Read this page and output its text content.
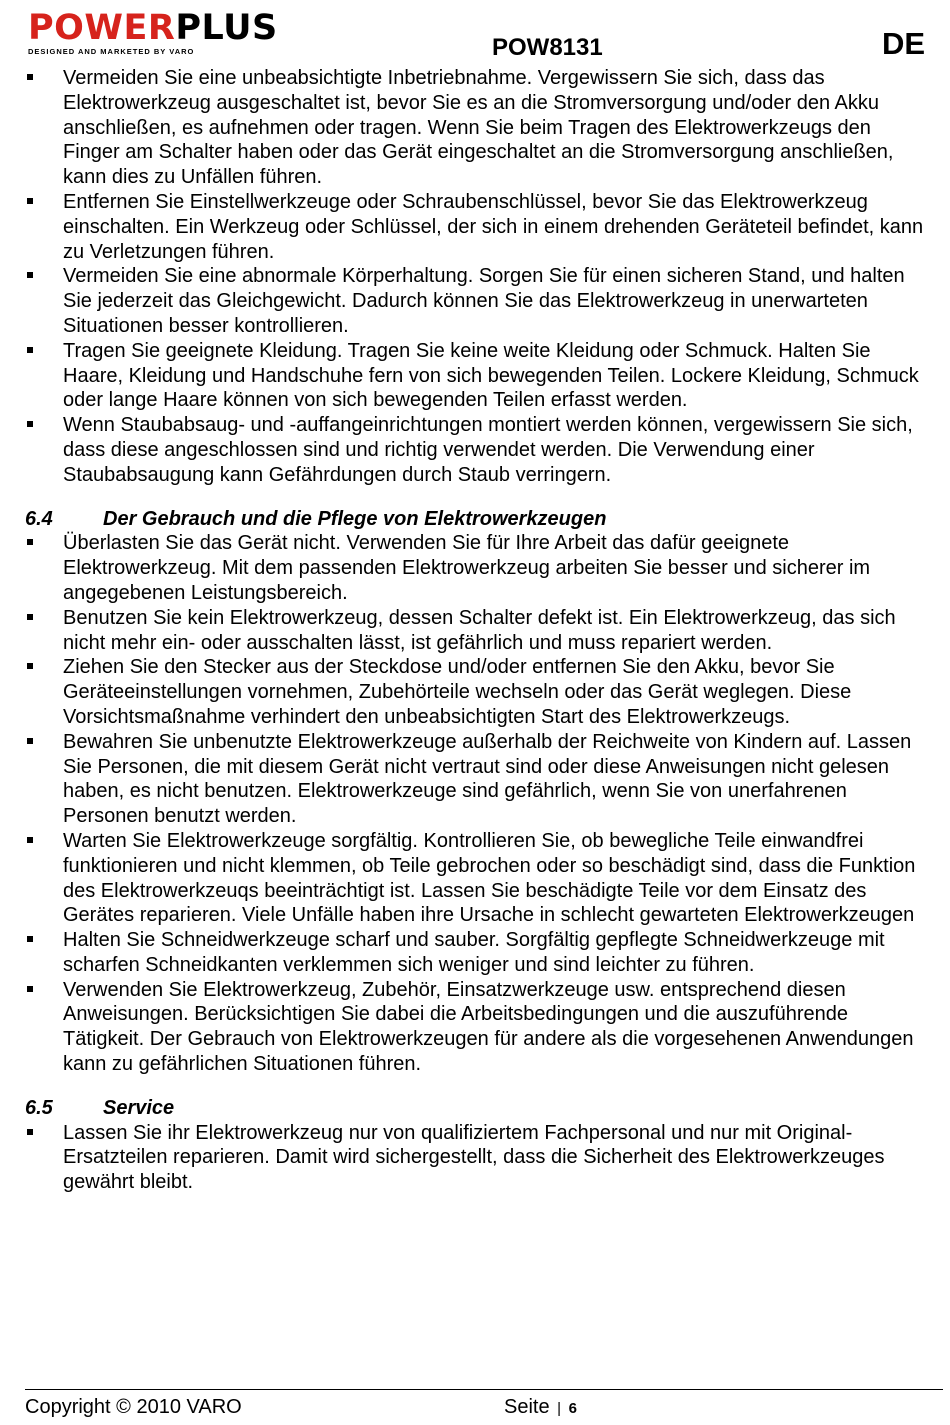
POWERPLUS
DESIGNED AND MARKETED BY VARO	POW8131	DE
Vermeiden Sie eine unbeabsichtigte Inbetriebnahme. Vergewissern Sie sich, dass das Elektrowerkzeug ausgeschaltet ist, bevor Sie es an die Stromversorgung und/oder den Akku anschließen, es aufnehmen oder tragen. Wenn Sie beim Tragen des Elektrowerkzeugs den Finger am Schalter haben oder das Gerät eingeschaltet an die Stromversorgung anschließen, kann dies zu Unfällen führen.
Entfernen Sie Einstellwerkzeuge oder Schraubenschlüssel, bevor Sie das Elektrowerkzeug einschalten. Ein Werkzeug oder Schlüssel, der sich in einem drehenden Geräteteil befindet, kann zu Verletzungen führen.
Vermeiden Sie eine abnormale Körperhaltung. Sorgen Sie für einen sicheren Stand, und halten Sie jederzeit das Gleichgewicht. Dadurch können Sie das Elektrowerkzeug in unerwarteten Situationen besser kontrollieren.
Tragen Sie geeignete Kleidung. Tragen Sie keine weite Kleidung oder Schmuck. Halten Sie Haare, Kleidung und Handschuhe fern von sich bewegenden Teilen. Lockere Kleidung, Schmuck oder lange Haare können von sich bewegenden Teilen erfasst werden.
Wenn Staubabsaug- und -auffangeinrichtungen montiert werden können, vergewissern Sie sich, dass diese angeschlossen sind und richtig verwendet werden. Die Verwendung einer Staubabsaugung kann Gefährdungen durch Staub verringern.
6.4	Der Gebrauch und die Pflege von Elektrowerkzeugen
Überlasten Sie das Gerät nicht. Verwenden Sie für Ihre Arbeit das dafür geeignete Elektrowerkzeug. Mit dem passenden Elektrowerkzeug arbeiten Sie besser und sicherer im angegebenen Leistungsbereich.
Benutzen Sie kein Elektrowerkzeug, dessen Schalter defekt ist. Ein Elektrowerkzeug, das sich nicht mehr ein- oder ausschalten lässt, ist gefährlich und muss repariert werden.
Ziehen Sie den Stecker aus der Steckdose und/oder entfernen Sie den Akku, bevor Sie Geräteeinstellungen vornehmen, Zubehörteile wechseln oder das Gerät weglegen. Diese Vorsichtsmaßnahme verhindert den unbeabsichtigten Start des Elektrowerkzeugs.
Bewahren Sie unbenutzte Elektrowerkzeuge außerhalb der Reichweite von Kindern auf. Lassen Sie Personen, die mit diesem Gerät nicht vertraut sind oder diese Anweisungen nicht gelesen haben, es nicht benutzen. Elektrowerkzeuge sind gefährlich, wenn Sie von unerfahrenen Personen benutzt werden.
Warten Sie Elektrowerkzeuge sorgfältig. Kontrollieren Sie, ob bewegliche Teile einwandfrei funktionieren und nicht klemmen, ob Teile gebrochen oder so beschädigt sind, dass die Funktion des Elektrowerkzeuqs beeinträchtigt ist. Lassen Sie beschädigte Teile vor dem Einsatz des Gerätes reparieren. Viele Unfälle haben ihre Ursache in schlecht gewarteten Elektrowerkzeugen
Halten Sie Schneidwerkzeuge scharf und sauber. Sorgfältig gepflegte Schneidwerkzeuge mit scharfen Schneidkanten verklemmen sich weniger und sind leichter zu führen.
Verwenden Sie Elektrowerkzeug, Zubehör, Einsatzwerkzeuge usw. entsprechend diesen Anweisungen. Berücksichtigen Sie dabei die Arbeitsbedingungen und die auszuführende Tätigkeit. Der Gebrauch von Elektrowerkzeugen für andere als die vorgesehenen Anwendungen kann zu gefährlichen Situationen führen.
6.5	Service
Lassen Sie ihr Elektrowerkzeug nur von qualifiziertem Fachpersonal und nur mit Original-Ersatzteilen reparieren. Damit wird sichergestellt, dass die Sicherheit des Elektrowerkzeuges gewährt bleibt.
Copyright © 2010 VARO	Seite | 6
